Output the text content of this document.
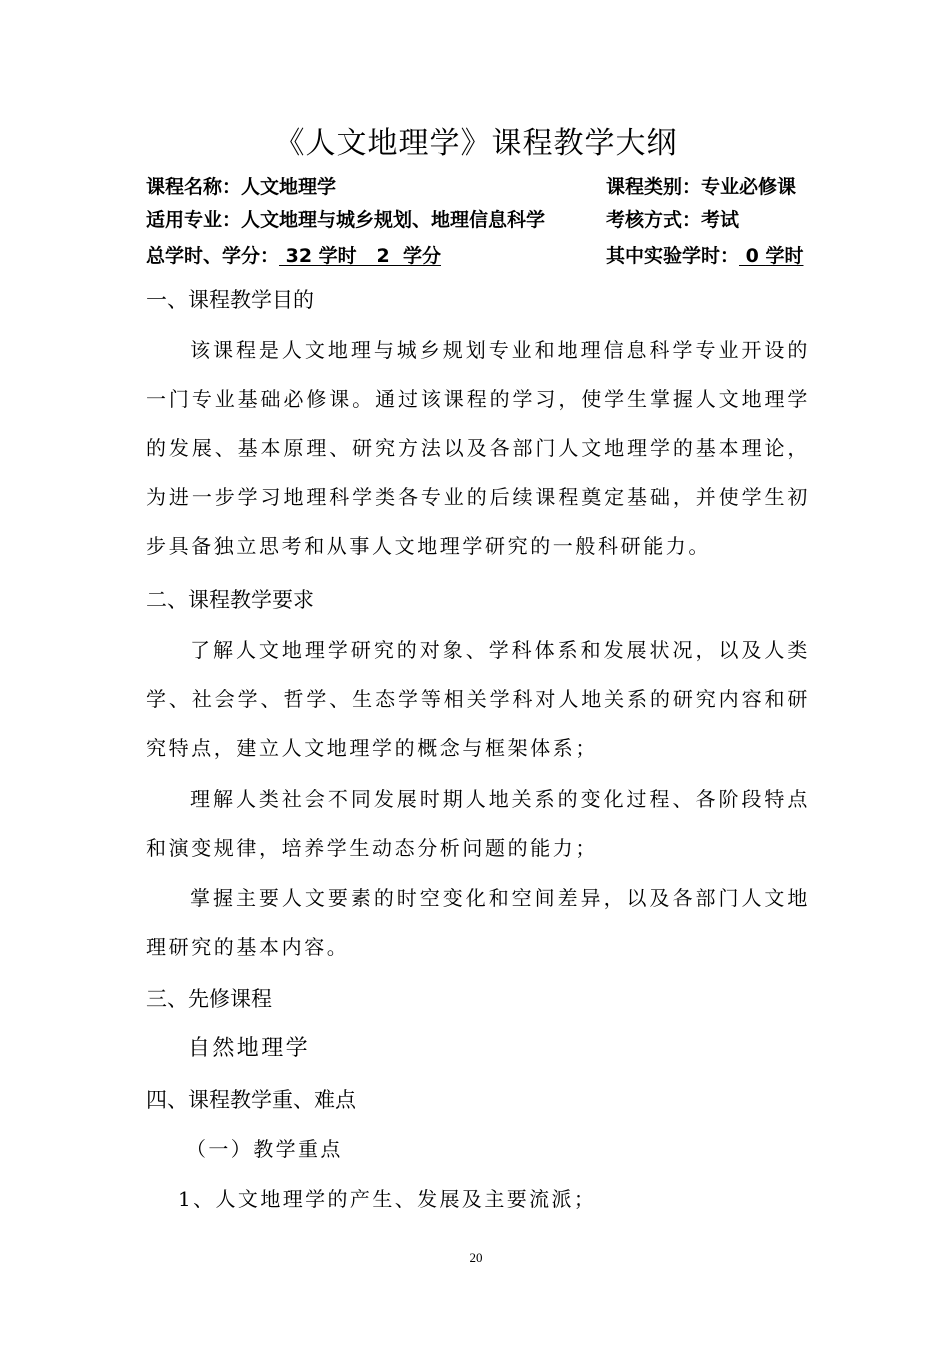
《人文地理学》课程教学大纲
课程名称：人文地理学	课程类别：专业必修课
适用专业：人文地理与城乡规划、地理信息科学	考核方式：考试
总学时、学分： 32 学时   2  学分	其中实验学时： 0 学时
一、课程教学目的

该课程是人文地理与城乡规划专业和地理信息科学专业开设的一门专业基础必修课。通过该课程的学习，使学生掌握人文地理学的发展、基本原理、研究方法以及各部门人文地理学的基本理论，为进一步学习地理科学类各专业的后续课程奠定基础，并使学生初步具备独立思考和从事人文地理学研究的一般科研能力。

二、课程教学要求

了解人文地理学研究的对象、学科体系和发展状况，以及人类学、社会学、哲学、生态学等相关学科对人地关系的研究内容和研究特点，建立人文地理学的概念与框架体系；

理解人类社会不同发展时期人地关系的变化过程、各阶段特点和演变规律，培养学生动态分析问题的能力；

掌握主要人文要素的时空变化和空间差异，以及各部门人文地理研究的基本内容。

三、先修课程
自然地理学
四、课程教学重、难点
（一）教学重点
1、人文地理学的产生、发展及主要流派；
20
